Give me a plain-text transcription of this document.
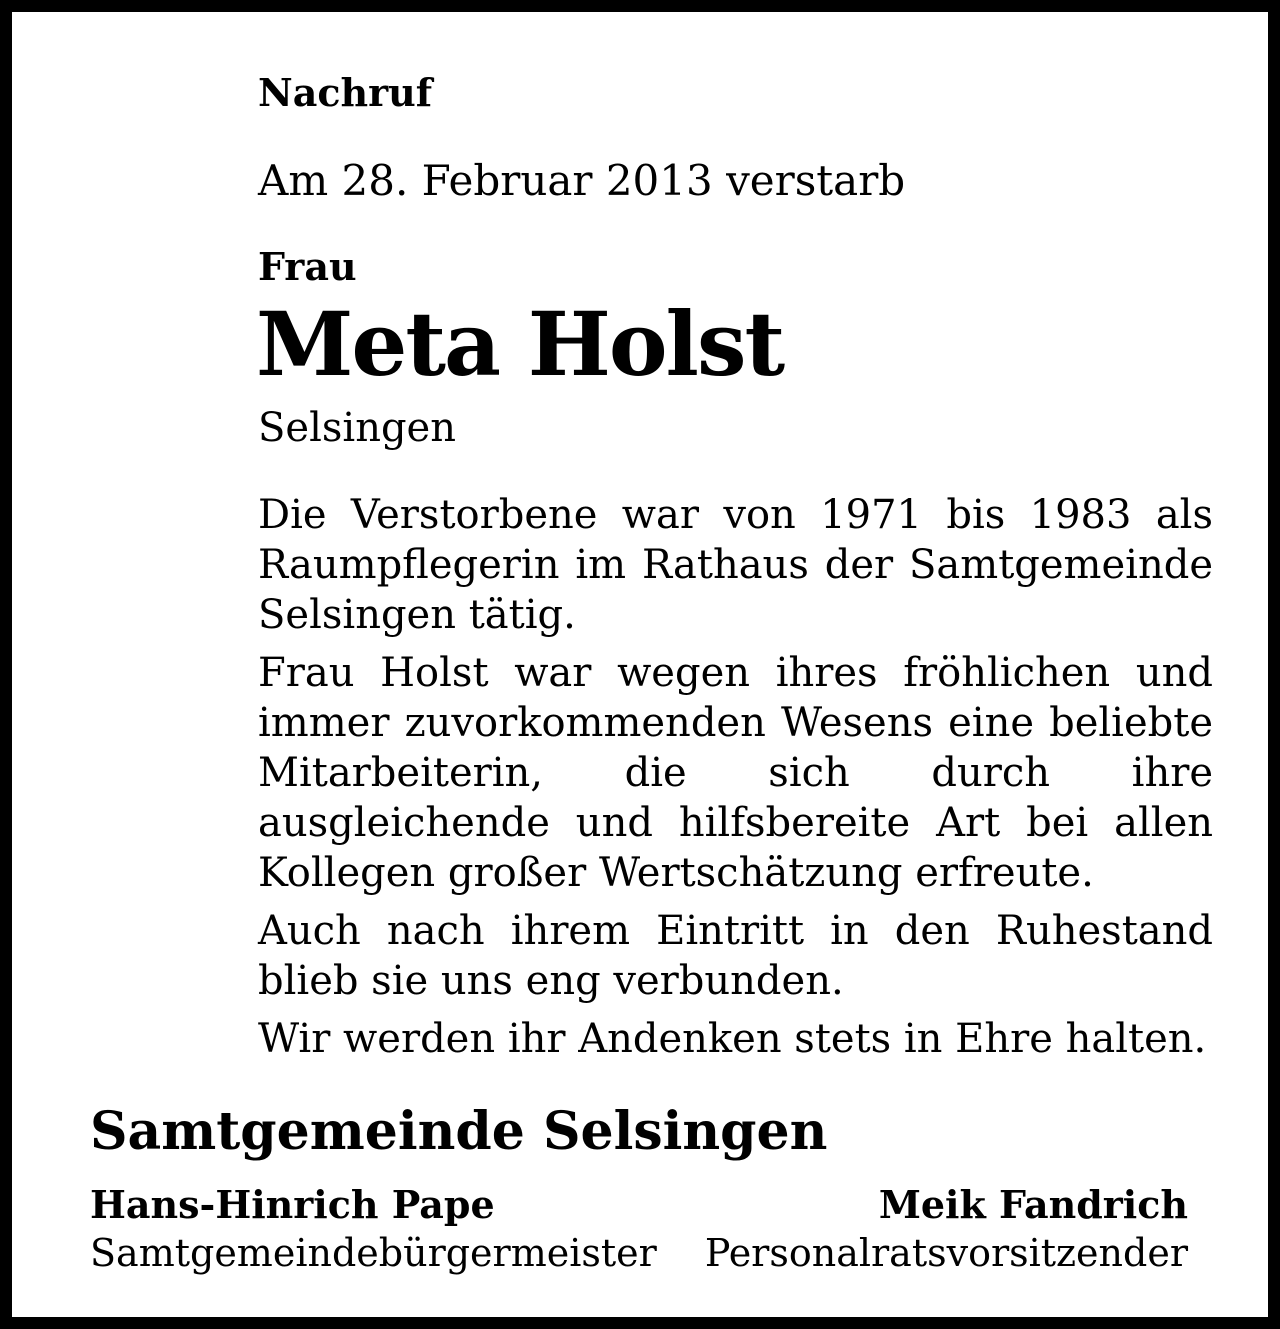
Nachruf
Am 28. Februar 2013 verstarb
Frau
Meta Holst
Selsingen

Die Verstorbene war von 1971 bis 1983 als Raumpflegerin im Rathaus der Samtgemeinde Selsingen tätig.

Frau Holst war wegen ihres fröhlichen und immer zuvorkommenden Wesens eine beliebte Mitarbeiterin, die sich durch ihre ausgleichende und hilfsbereite Art bei allen Kollegen großer Wertschätzung erfreute.

Auch nach ihrem Eintritt in den Ruhestand blieb sie uns eng verbunden.

Wir werden ihr Andenken stets in Ehre halten.

Samtgemeinde Selsingen
Hans-Hinrich Pape
Samtgemeindebürgermeister
Meik Fandrich
Personalratsvorsitzender
